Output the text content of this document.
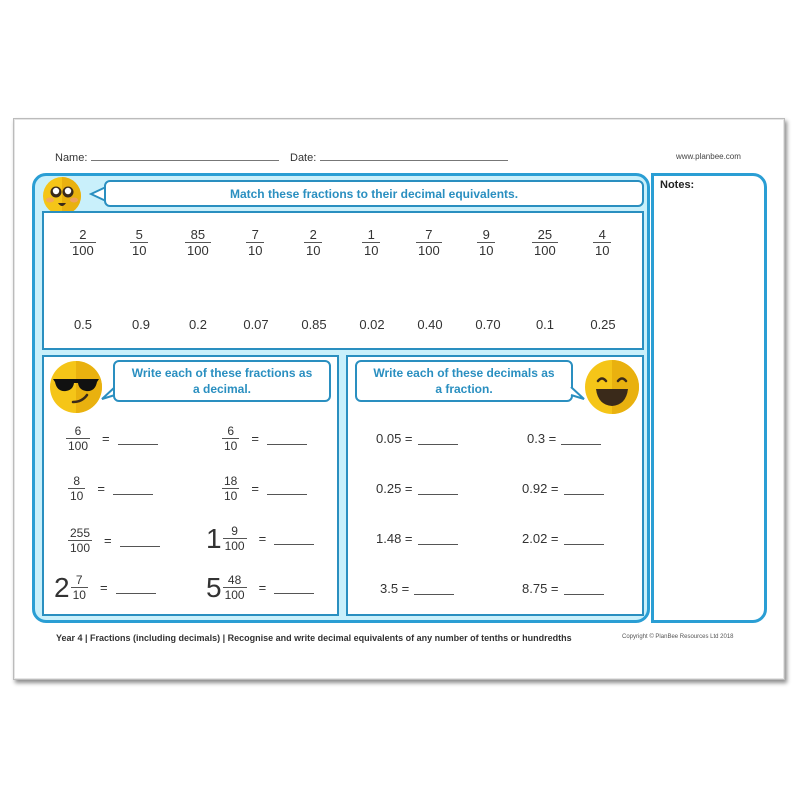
Name:	Date:	www.planbee.com
Notes:
Match these fractions to their decimal equivalents.
$\frac{2}{100}$	$\frac{5}{10}$	$\frac{85}{100}$	$\frac{7}{10}$	$\frac{2}{10}$	$\frac{1}{10}$	$\frac{7}{100}$	$\frac{9}{10}$	$\frac{25}{100}$	$\frac{4}{10}$
0.5	0.9	0.2	0.07	0.85	0.02	0.40	0.70	0.1	0.25
Write each of these fractions as
a decimal.
$\frac{6}{100}$ =	$\frac{6}{10}$ =
$\frac{8}{10}$ =	$\frac{18}{10}$ =
$\frac{255}{100}$ =	$1 \frac{9}{100}$ =
$2 \frac{7}{10}$ =	$5 \frac{48}{100}$ =
Write each of these decimals as
a fraction.
0.05 =	0.3 =
0.25 =	0.92 =
1.48 =	2.02 =
3.5 =	8.75 =
Year 4 | Fractions (including decimals) | Recognise and write decimal equivalents of any number of tenths or hundredths	Copyright © PlanBee Resources Ltd 2018
